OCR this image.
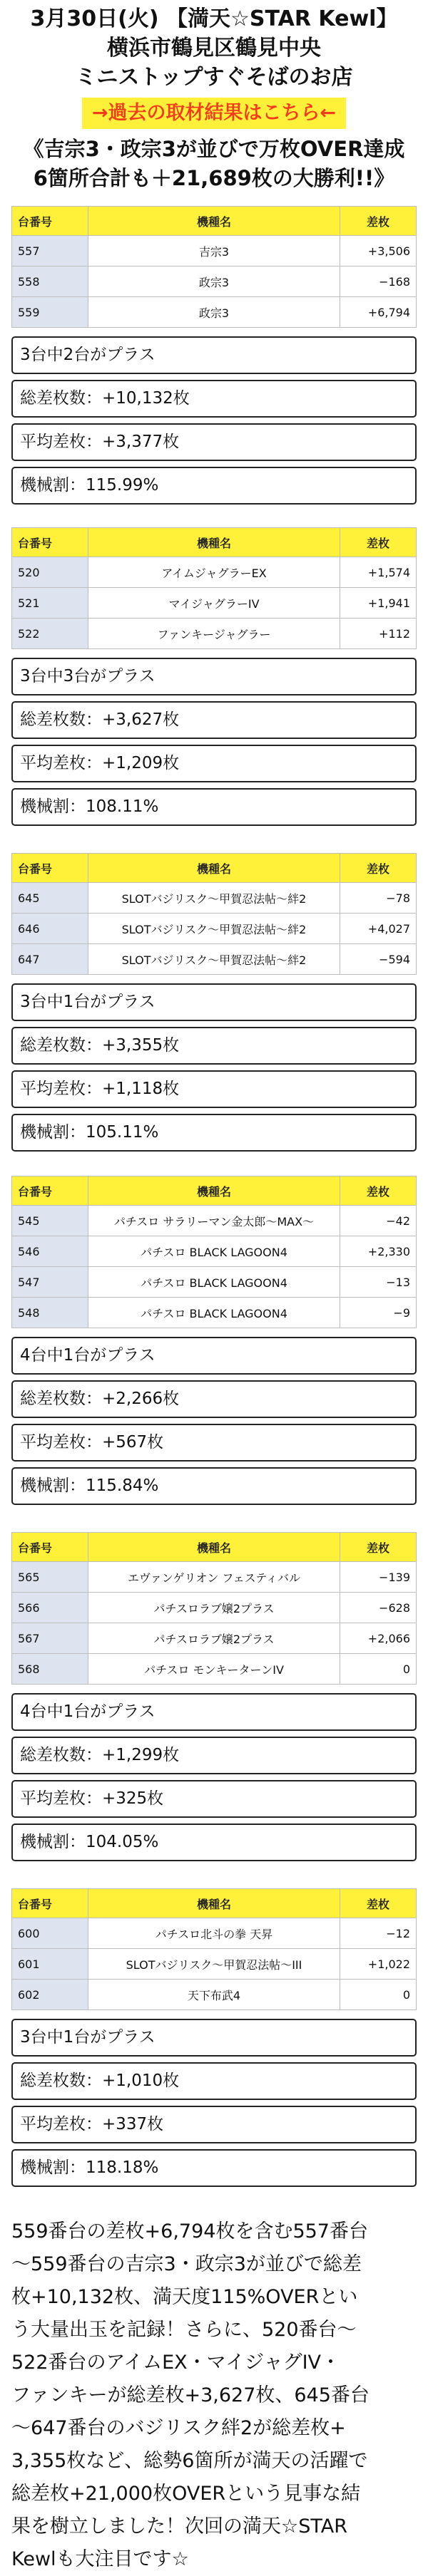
3月30日(火) 【満天☆STAR Kewl】
横浜市鶴見区鶴見中央
ミニストップすぐそばのお店
→過去の取材結果はこちら←
《吉宗3・政宗3が並びで万枚OVER達成
6箇所合計も＋21,689枚の大勝利!!》
台番号	機種名	差枚
557	吉宗3	+3,506
558	政宗3	−168
559	政宗3	+6,794
3台中2台がプラス
総差枚数：+10,132枚
平均差枚：+3,377枚
機械割：115.99%
台番号	機種名	差枚
520	アイムジャグラーEX	+1,574
521	マイジャグラーIV	+1,941
522	ファンキージャグラー	+112
3台中3台がプラス
総差枚数：+3,627枚
平均差枚：+1,209枚
機械割：108.11%
台番号	機種名	差枚
645	SLOTバジリスク〜甲賀忍法帖〜絆2	−78
646	SLOTバジリスク〜甲賀忍法帖〜絆2	+4,027
647	SLOTバジリスク〜甲賀忍法帖〜絆2	−594
3台中1台がプラス
総差枚数：+3,355枚
平均差枚：+1,118枚
機械割：105.11%
台番号	機種名	差枚
545	パチスロ サラリーマン金太郎〜MAX〜	−42
546	パチスロ BLACK LAGOON4	+2,330
547	パチスロ BLACK LAGOON4	−13
548	パチスロ BLACK LAGOON4	−9
4台中1台がプラス
総差枚数：+2,266枚
平均差枚：+567枚
機械割：115.84%
台番号	機種名	差枚
565	エヴァンゲリオン フェスティバル	−139
566	パチスロラブ嬢2プラス	−628
567	パチスロラブ嬢2プラス	+2,066
568	パチスロ モンキーターンIV	0
4台中1台がプラス
総差枚数：+1,299枚
平均差枚：+325枚
機械割：104.05%
台番号	機種名	差枚
600	パチスロ北斗の拳 天昇	−12
601	SLOTバジリスク〜甲賀忍法帖〜III	+1,022
602	天下布武4	0
3台中1台がプラス
総差枚数：+1,010枚
平均差枚：+337枚
機械割：118.18%
559番台の差枚+6,794枚を含む557番台
〜559番台の吉宗3・政宗3が並びで総差
枚+10,132枚、満天度115%OVERとい
う大量出玉を記録！さらに、520番台〜
522番台のアイムEX・マイジャグIV・
ファンキーが総差枚+3,627枚、645番台
〜647番台のバジリスク絆2が総差枚+
3,355枚など、総勢6箇所が満天の活躍で
総差枚+21,000枚OVERという見事な結
果を樹立しました！次回の満天☆STAR
Kewlも大注目です☆
